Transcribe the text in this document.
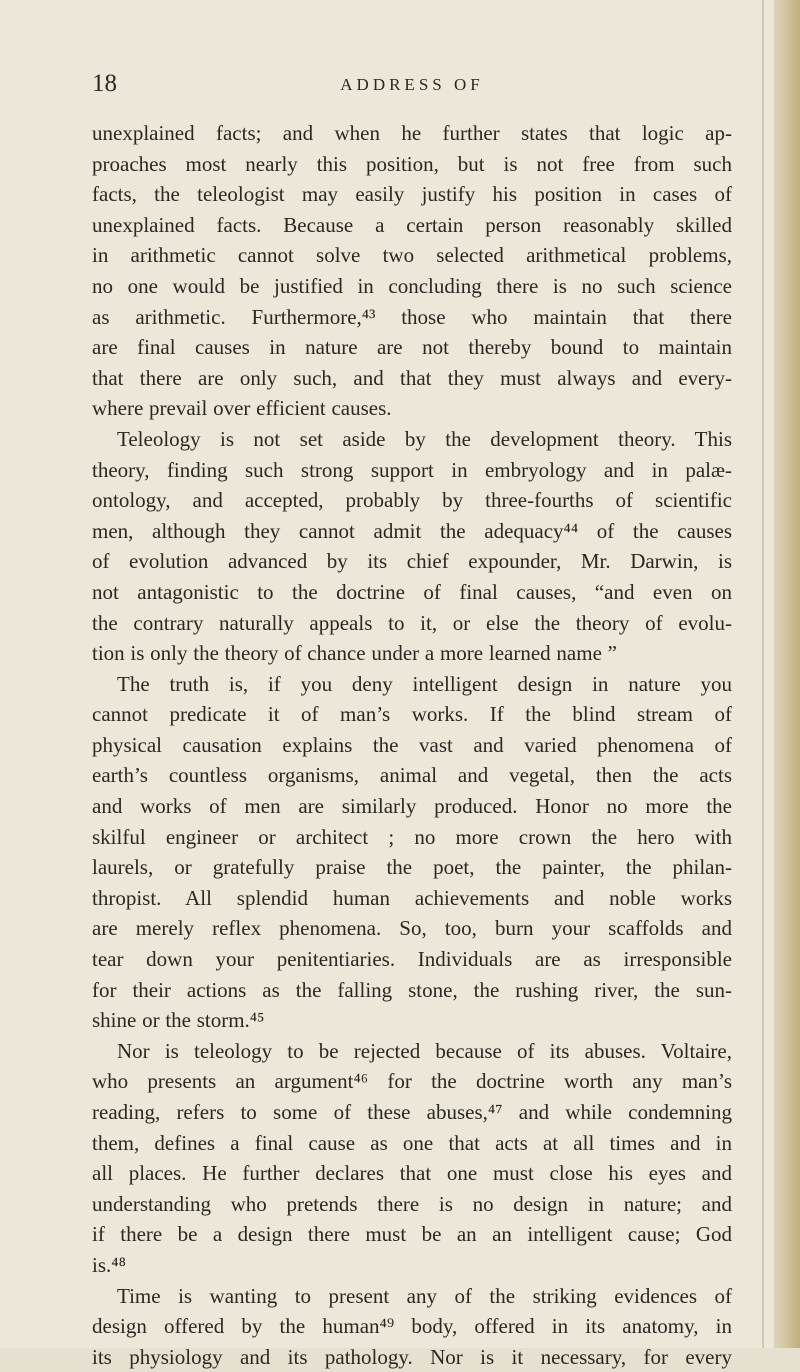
18	ADDRESS OF
unexplained facts; and when he further states that logic ap-
proaches most nearly this position, but is not free from such
facts, the teleologist may easily justify his position in cases of
unexplained facts. Because a certain person reasonably skilled
in arithmetic cannot solve two selected arithmetical problems,
no one would be justified in concluding there is no such science
as arithmetic. Furthermore,⁴³ those who maintain that there
are final causes in nature are not thereby bound to maintain
that there are only such, and that they must always and every-
where prevail over efficient causes.
Teleology is not set aside by the development theory. This
theory, finding such strong support in embryology and in palæ-
ontology, and accepted, probably by three-fourths of scientific
men, although they cannot admit the adequacy⁴⁴ of the causes
of evolution advanced by its chief expounder, Mr. Darwin, is
not antagonistic to the doctrine of final causes, “and even on
the contrary naturally appeals to it, or else the theory of evolu-
tion is only the theory of chance under a more learned name ”
The truth is, if you deny intelligent design in nature you
cannot predicate it of man’s works. If the blind stream of
physical causation explains the vast and varied phenomena of
earth’s countless organisms, animal and vegetal, then the acts
and works of men are similarly produced. Honor no more the
skilful engineer or architect ; no more crown the hero with
laurels, or gratefully praise the poet, the painter, the philan-
thropist. All splendid human achievements and noble works
are merely reflex phenomena. So, too, burn your scaffolds and
tear down your penitentiaries. Individuals are as irresponsible
for their actions as the falling stone, the rushing river, the sun-
shine or the storm.⁴⁵
Nor is teleology to be rejected because of its abuses. Voltaire,
who presents an argument⁴⁶ for the doctrine worth any man’s
reading, refers to some of these abuses,⁴⁷ and while condemning
them, defines a final cause as one that acts at all times and in
all places. He further declares that one must close his eyes and
understanding who pretends there is no design in nature; and
if there be a design there must be an an intelligent cause; God
is.⁴⁸
Time is wanting to present any of the striking evidences of
design offered by the human⁴⁹ body, offered in its anatomy, in
its physiology and its pathology. Nor is it necessary, for every
